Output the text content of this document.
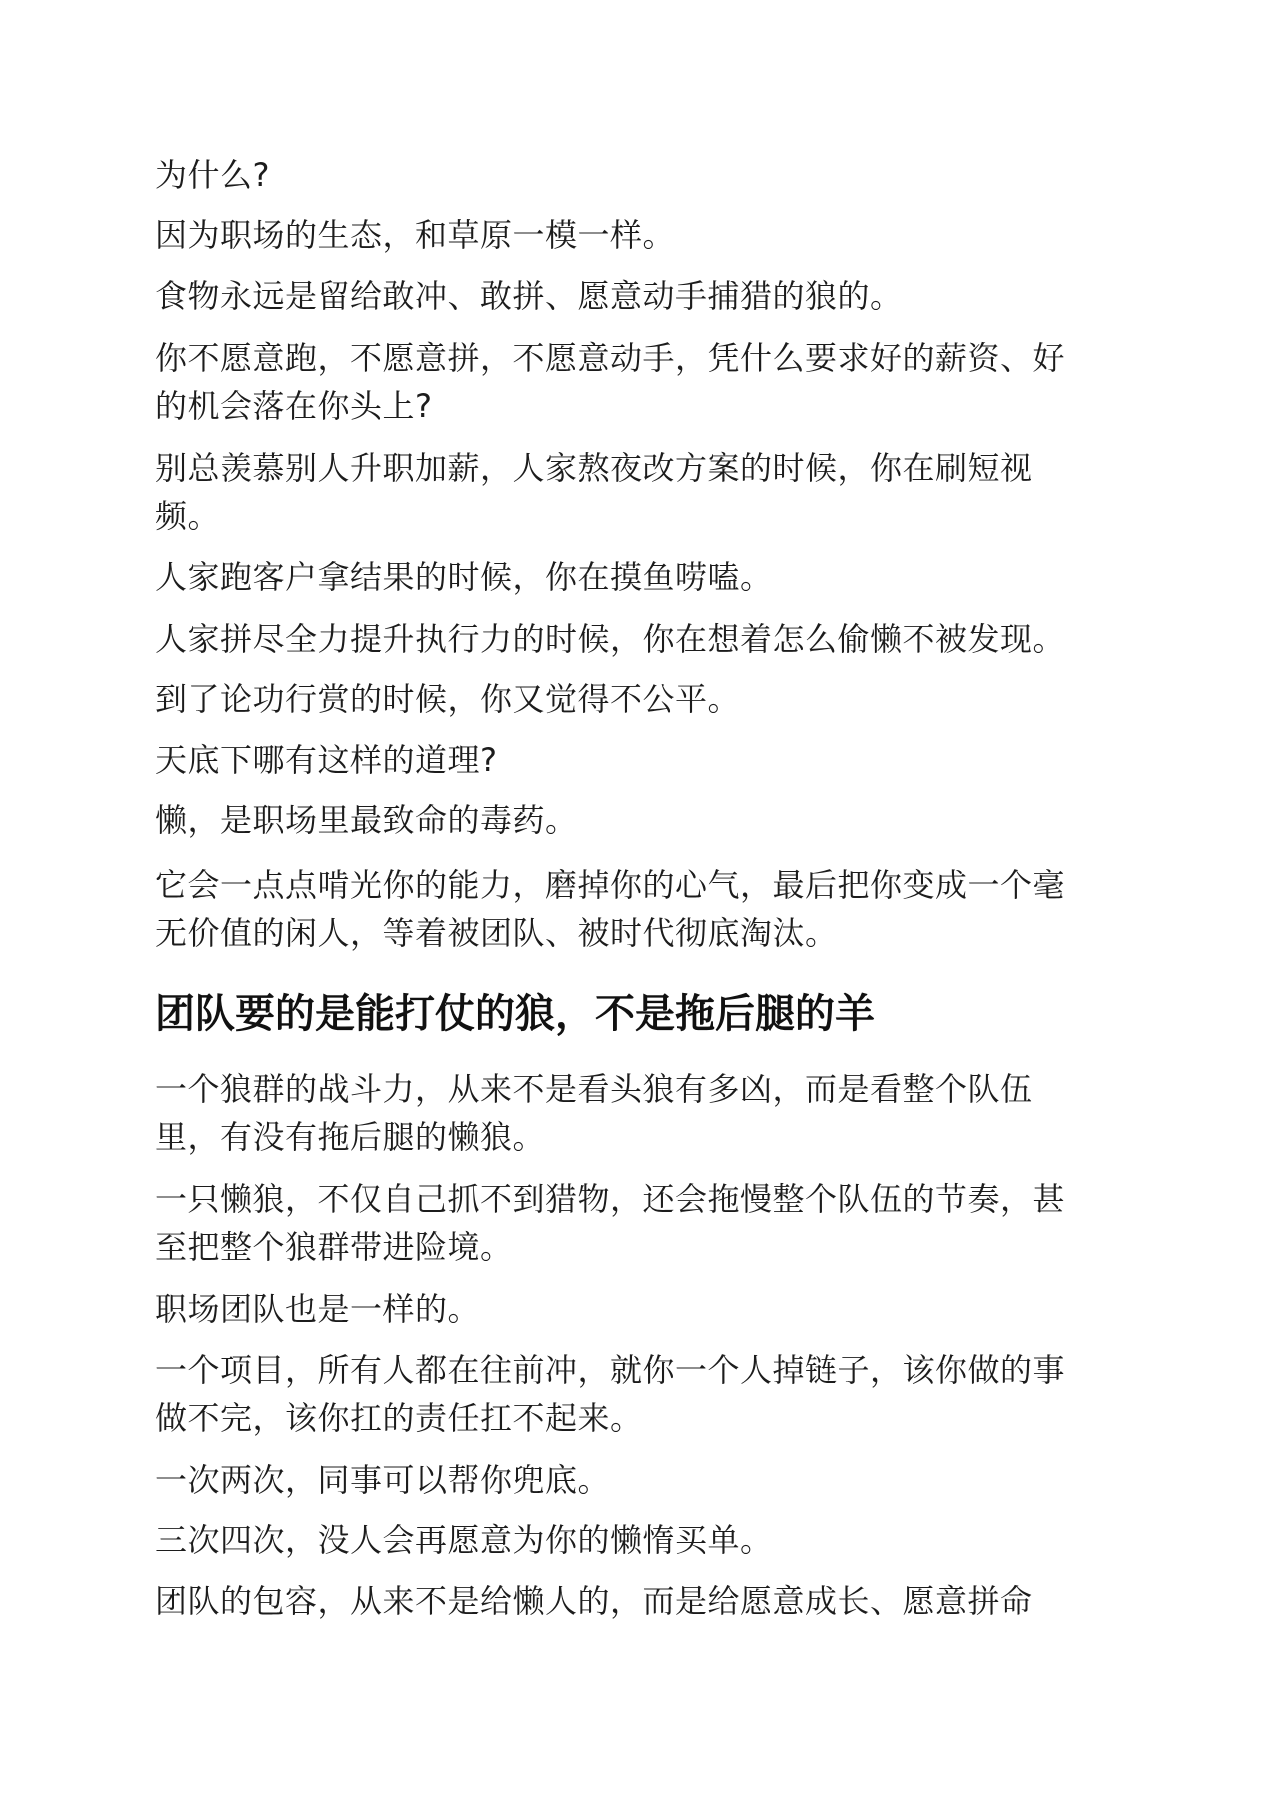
为什么?

因为职场的生态，和草原一模一样。

食物永远是留给敢冲、敢拼、愿意动手捕猎的狼的。

你不愿意跑，不愿意拼，不愿意动手，凭什么要求好的薪资、好

的机会落在你头上?

别总羡慕别人升职加薪，人家熬夜改方案的时候，你在刷短视

频。

人家跑客户拿结果的时候，你在摸鱼唠嗑。

人家拼尽全力提升执行力的时候，你在想着怎么偷懒不被发现。

到了论功行赏的时候，你又觉得不公平。

天底下哪有这样的道理?

懒，是职场里最致命的毒药。

它会一点点啃光你的能力，磨掉你的心气，最后把你变成一个毫

无价值的闲人，等着被团队、被时代彻底淘汰。

团队要的是能打仗的狼，不是拖后腿的羊

一个狼群的战斗力，从来不是看头狼有多凶，而是看整个队伍

里，有没有拖后腿的懒狼。

一只懒狼，不仅自己抓不到猎物，还会拖慢整个队伍的节奏，甚

至把整个狼群带进险境。

职场团队也是一样的。

一个项目，所有人都在往前冲，就你一个人掉链子，该你做的事

做不完，该你扛的责任扛不起来。

一次两次，同事可以帮你兜底。

三次四次，没人会再愿意为你的懒惰买单。

团队的包容，从来不是给懒人的，而是给愿意成长、愿意拼命
